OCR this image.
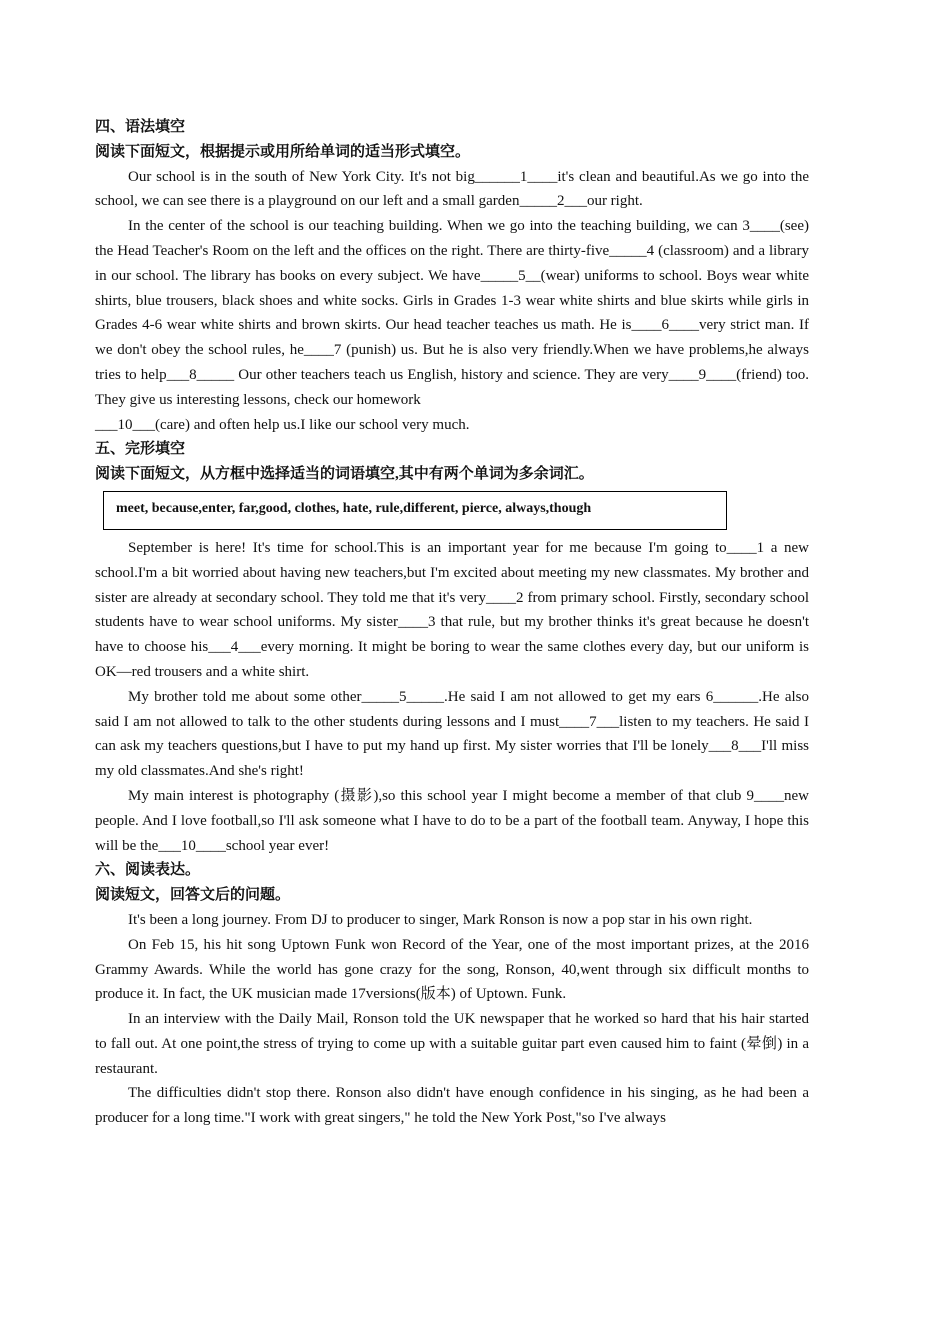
四、语法填空

阅读下面短文，根据提示或用所给单词的适当形式填空。

Our school is in the south of New York City. It's not big______1____it's clean and beautiful.As we go into the school, we can see there is a playground on our left and a small garden_____2___our right.

In the center of the school is our teaching building. When we go into the teaching building, we can 3____(see) the Head Teacher's Room on the left and the offices on the right. There are thirty-five_____4 (classroom) and a library in our school. The library has books on every subject. We have_____5__(wear) uniforms to school. Boys wear white shirts, blue trousers, black shoes and white socks. Girls in Grades 1-3 wear white shirts and blue skirts while girls in Grades 4-6 wear white shirts and brown skirts. Our head teacher teaches us math. He is____6____very strict man. If we don't obey the school rules, he____7 (punish) us. But he is also very friendly.When we have problems,he always tries to help___8_____ Our other teachers teach us English, history and science. They are very____9____(friend) too. They give us interesting lessons, check our homework

___10___(care) and often help us.I like our school very much.

五、完形填空

阅读下面短文，从方框中选择适当的词语填空,其中有两个单词为多余词汇。

meet, because,enter, far,good, clothes, hate, rule,different, pierce, always,though

September is here! It's time for school.This is an important year for me because I'm going to____1 a new school.I'm a bit worried about having new teachers,but I'm excited about meeting my new classmates. My brother and sister are already at secondary school. They told me that it's very____2 from primary school. Firstly, secondary school students have to wear school uniforms. My sister____3 that rule, but my brother thinks it's great because he doesn't have to choose his___4___every morning. It might be boring to wear the same clothes every day, but our uniform is OK—red trousers and a white shirt.

My brother told me about some other_____5_____.He said I am not allowed to get my ears 6______.He also said I am not allowed to talk to the other students during lessons and I must____7___listen to my teachers. He said I can ask my teachers questions,but I have to put my hand up first. My sister worries that I'll be lonely___8___I'll miss my old classmates.And she's right!

My main interest is photography (摄影),so this school year I might become a member of that club 9____new people. And I love football,so I'll ask someone what I have to do to be a part of the football team. Anyway, I hope this will be the___10____school year ever!

六、阅读表达。

阅读短文，回答文后的问题。

It's been a long journey. From DJ to producer to singer, Mark Ronson is now a pop star in his own right.

On Feb 15, his hit song Uptown Funk won Record of the Year, one of the most important prizes, at the 2016 Grammy Awards. While the world has gone crazy for the song, Ronson, 40,went through six difficult months to produce it. In fact, the UK musician made 17versions(版本) of Uptown. Funk.

In an interview with the Daily Mail, Ronson told the UK newspaper that he worked so hard that his hair started to fall out. At one point,the stress of trying to come up with a suitable guitar part even caused him to faint (晕倒) in a restaurant.

The difficulties didn't stop there. Ronson also didn't have enough confidence in his singing, as he had been a producer for a long time."I work with great singers," he told the New York Post,"so I've always
